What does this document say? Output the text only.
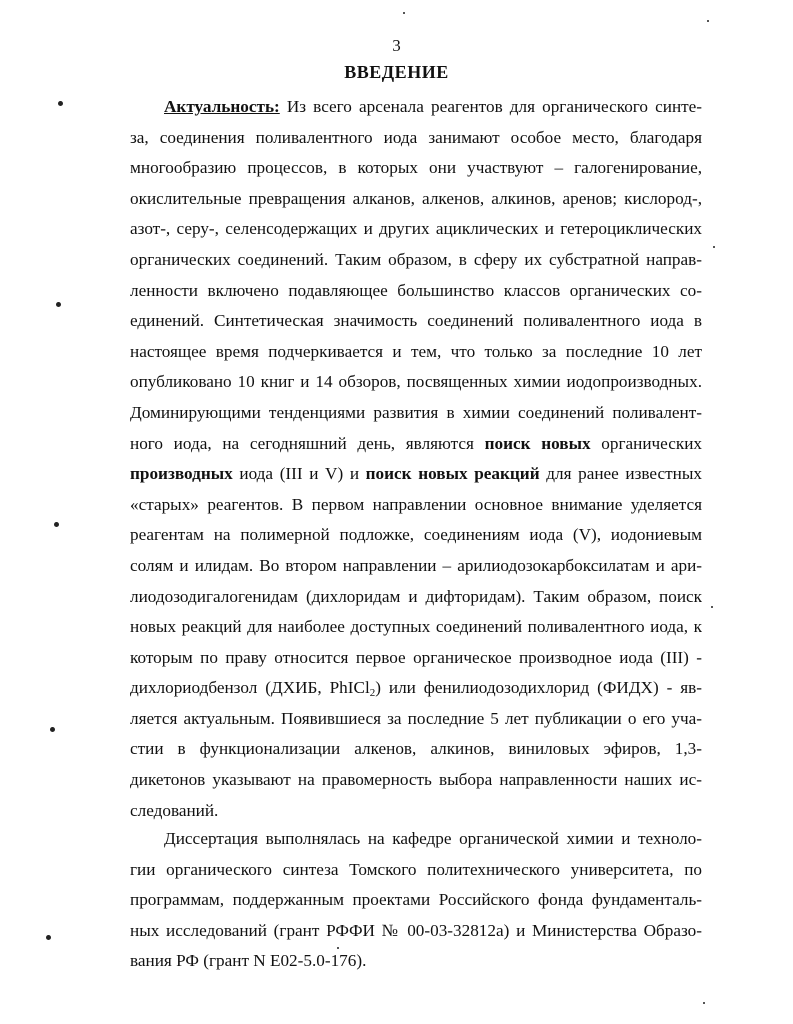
3
ВВЕДЕНИЕ
Актуальность: Из всего арсенала реагентов для органического синте-
за, соединения поливалентного иода занимают особое место, благодаря
многообразию процессов, в которых они участвуют – галогенирование,
окислительные превращения алканов, алкенов, алкинов, аренов; кислород-,
азот-, серу-, селенсодержащих и других ациклических и гетероциклических
органических соединений. Таким образом, в сферу их субстратной направ-
ленности включено подавляющее большинство классов органических со-
единений. Синтетическая значимость соединений поливалентного иода в
настоящее время подчеркивается и тем, что только за последние 10 лет
опубликовано 10 книг и 14 обзоров, посвященных химии иодопроизводных.
Доминирующими тенденциями развития в химии соединений поливалент-
ного иода, на сегодняшний день, являются поиск новых органических
производных иода (III и V) и поиск новых реакций для ранее известных
«старых» реагентов. В первом направлении основное внимание уделяется
реагентам на полимерной подложке, соединениям иода (V), иодониевым
солям и илидам. Во втором направлении – арилиодозокарбоксилатам и ари-
лиодозодигалогенидам (дихлоридам и дифторидам). Таким образом, поиск
новых реакций для наиболее доступных соединений поливалентного иода, к
которым по праву относится первое органическое производное иода (III) -
дихлориодбензол (ДХИБ, PhICl$_2$) или фенилиодозодихлорид (ФИДХ) - яв-
ляется актуальным. Появившиеся за последние 5 лет публикации о его уча-
стии в функционализации алкенов, алкинов, виниловых эфиров, 1,3-
дикетонов указывают на правомерность выбора направленности наших ис-
следований.
Диссертация выполнялась на кафедре органической химии и техноло-
гии органического синтеза Томского политехнического университета, по
программам, поддержанным проектами Российского фонда фундаменталь-
ных исследований (грант РФФИ № 00-03-32812а) и Министерства Образо-
вания РФ (грант N Е02-5.0-176).
